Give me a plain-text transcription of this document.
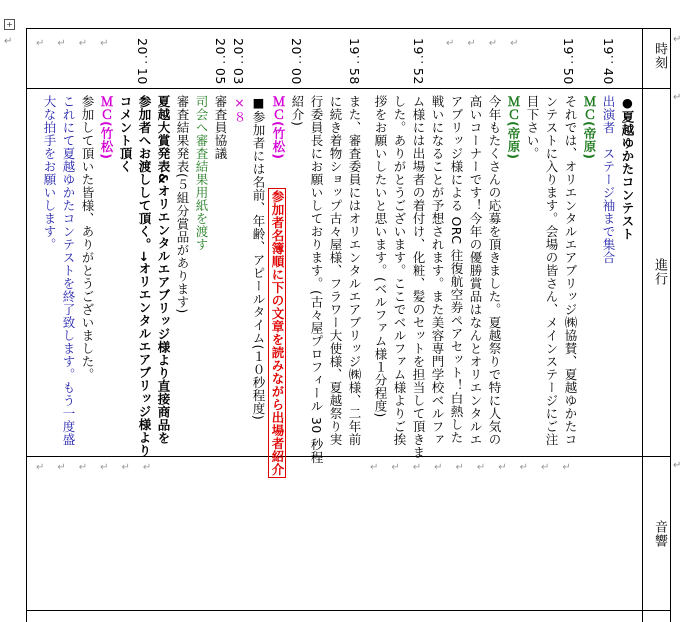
+
時刻
進行
音響
↵
↵
↵
↵	19：40
19：50
19：52
19：58
20：00
20：03
20：05
20：10
↵↵↵↵	↵↵↵↵
●夏越ゆかたコンテスト
出演者　ステージ袖まで集合
ＭＣ(帝原)
それでは、オリエンタルエアブリッジ㈱協賛、夏越ゆかたコ
ンテストに入ります。会場の皆さん、メインステージにご注
目下さい。
ＭＣ(帝原)
今年もたくさんの応募を頂きました。夏越祭りで特に人気の
高いコーナーです！今年の優勝賞品はなんとオリエンタルエ
アブリッジ様による ORC 往復航空券ペアセット！白熱した
戦いになることが予想されます。また美容専門学校ベルファ
ム様には出場者の着付け、化粧、髪のセットを担当して頂きま
した。ありがとうございます。ここでベルファム様よりご挨
拶をお願いしたいと思います。(ベルファム様１分程度)
また、審査委員にはオリエンタルエアブリッジ㈱様、二年前
に続き着物ショップ古々屋様、フラワー大使様、夏越祭り実
行委員長にお願いしております。(古々屋プロフィール 30 秒程
紹介)
ＭＣ(竹松)
参加者名簿順に下の文章を読みながら出場者紹介
■参加者には名前、年齢、アピールタイム(１０秒程度)
×８
審査員協議
司会へ審査結果用紙を渡す
審査結果発表(５組分賞品があります)
夏越大賞発表&オリエンタルエアブリッジ様より直接商品を
参加者へお渡しして頂く。→オリエンタルエアブリッジ様より
コメント頂く
ＭＣ(竹松)
参加して頂いた皆様、ありがとうございました。
これにて夏越ゆかたコンテストを終了致します。もう一度盛
大な拍手をお願いします。
↵↵↵↵↵↵↵↵↵↵
↵↵↵↵↵↵
